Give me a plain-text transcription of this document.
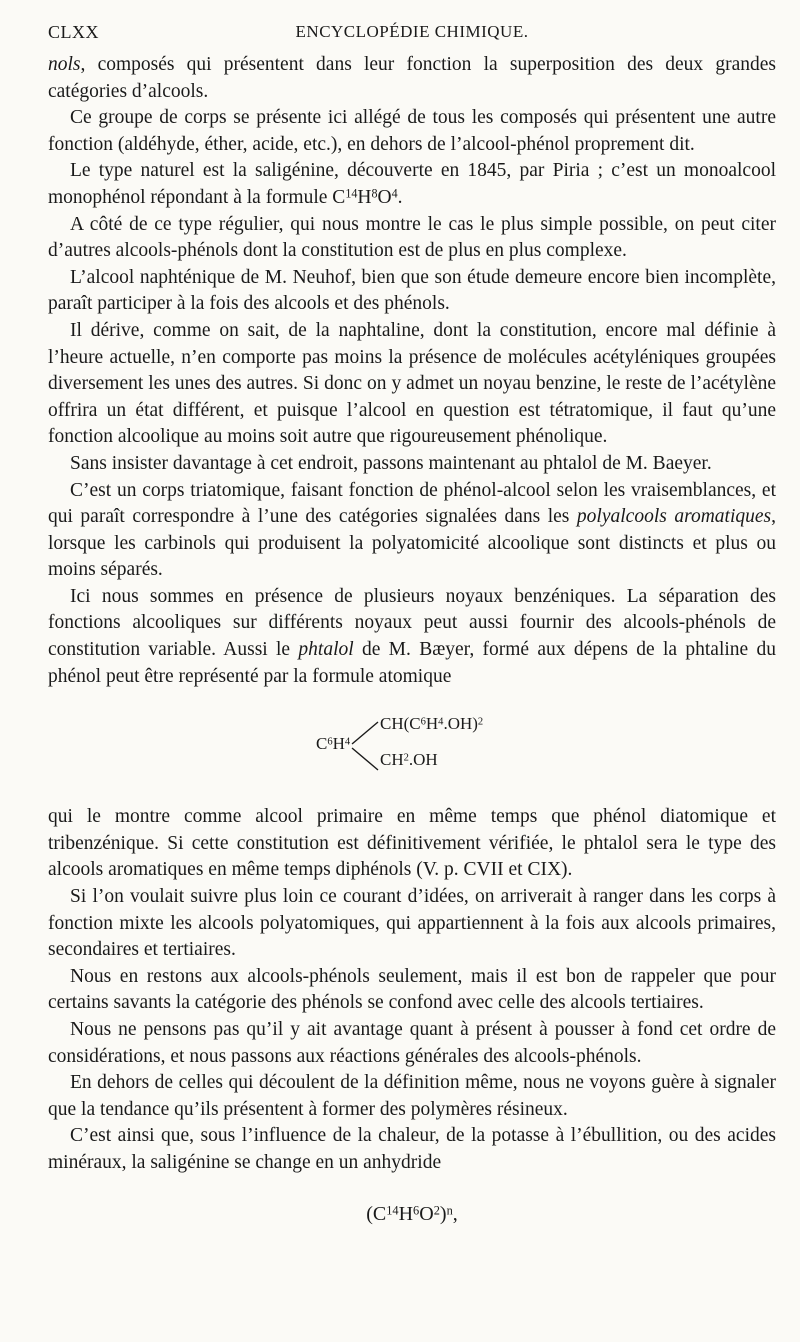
CLXX	ENCYCLOPÉDIE CHIMIQUE.

nols, composés qui présentent dans leur fonction la superposition des deux grandes catégories d’alcools.

Ce groupe de corps se présente ici allégé de tous les composés qui présentent une autre fonction (aldéhyde, éther, acide, etc.), en dehors de l’alcool-phénol proprement dit.

Le type naturel est la saligénine, découverte en 1845, par Piria ; c’est un monoalcool monophénol répondant à la formule $C^{14}H^8O^4$.

A côté de ce type régulier, qui nous montre le cas le plus simple possible, on peut citer d’autres alcools-phénols dont la constitution est de plus en plus complexe.

L’alcool naphténique de M. Neuhof, bien que son étude demeure encore bien incomplète, paraît participer à la fois des alcools et des phénols.

Il dérive, comme on sait, de la naphtaline, dont la constitution, encore mal définie à l’heure actuelle, n’en comporte pas moins la présence de molécules acétyléniques groupées diversement les unes des autres. Si donc on y admet un noyau benzine, le reste de l’acétylène offrira un état différent, et puisque l’alcool en question est tétratomique, il faut qu’une fonction alcoolique au moins soit autre que rigoureusement phénolique.

Sans insister davantage à cet endroit, passons maintenant au phtalol de M. Baeyer.

C’est un corps triatomique, faisant fonction de phénol-alcool selon les vraisemblances, et qui paraît correspondre à l’une des catégories signalées dans les polyalcools aromatiques, lorsque les carbinols qui produisent la polyatomicité alcoolique sont distincts et plus ou moins séparés.

Ici nous sommes en présence de plusieurs noyaux benzéniques. La séparation des fonctions alcooliques sur différents noyaux peut aussi fournir des alcools-phénols de constitution variable. Aussi le phtalol de M. Bæyer, formé aux dépens de la phtaline du phénol peut être représenté par la formule atomique

$C^6H^4$
$CH(C^6H^4.OH)^2$
$CH^2.OH$

qui le montre comme alcool primaire en même temps que phénol diatomique et tribenzénique. Si cette constitution est définitivement vérifiée, le phtalol sera le type des alcools aromatiques en même temps diphénols (V. p. CVII et CIX).

Si l’on voulait suivre plus loin ce courant d’idées, on arriverait à ranger dans les corps à fonction mixte les alcools polyatomiques, qui appartiennent à la fois aux alcools primaires, secondaires et tertiaires.

Nous en restons aux alcools-phénols seulement, mais il est bon de rappeler que pour certains savants la catégorie des phénols se confond avec celle des alcools tertiaires.

Nous ne pensons pas qu’il y ait avantage quant à présent à pousser à fond cet ordre de considérations, et nous passons aux réactions générales des alcools-phénols.

En dehors de celles qui découlent de la définition même, nous ne voyons guère à signaler que la tendance qu’ils présentent à former des polymères résineux.

C’est ainsi que, sous l’influence de la chaleur, de la potasse à l’ébullition, ou des acides minéraux, la saligénine se change en un anhydride

$(C^{14}H^6O^2)^n$,
